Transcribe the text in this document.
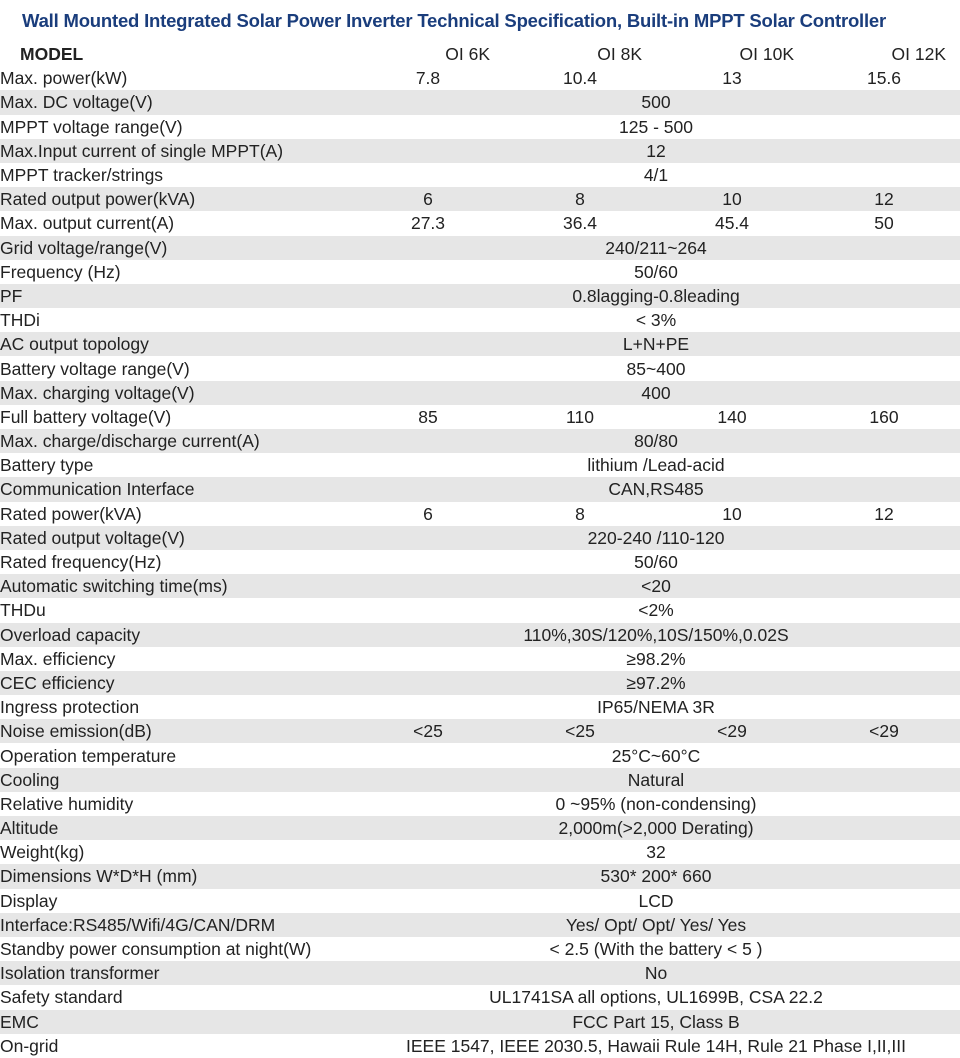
Wall Mounted Integrated Solar Power Inverter Technical Specification, Built-in MPPT Solar Controller
MODEL	OI 6K	OI 8K	OI 10K	OI 12K
Max. power(kW)	7.8	10.4	13	15.6
Max. DC voltage(V)	500			
MPPT voltage range(V)	125 - 500			
Max.Input current of single MPPT(A)	12			
MPPT tracker/strings	4/1			
Rated output power(kVA)	6	8	10	12
Max. output current(A)	27.3	36.4	45.4	50
Grid voltage/range(V)	240/211~264			
Frequency (Hz)	50/60			
PF	0.8lagging-0.8leading			
THDi	< 3%			
AC output topology	L+N+PE			
Battery voltage range(V)	85~400			
Max. charging voltage(V)	400			
Full battery voltage(V)	85	110	140	160
Max. charge/discharge current(A)	80/80			
Battery type	lithium /Lead-acid			
Communication Interface	CAN,RS485			
Rated power(kVA)	6	8	10	12
Rated output voltage(V)	220-240 /110-120			
Rated frequency(Hz)	50/60			
Automatic switching time(ms)	<20			
THDu	<2%			
Overload capacity	110%,30S/120%,10S/150%,0.02S			
Max. efficiency	≥98.2%			
CEC efficiency	≥97.2%			
Ingress protection	IP65/NEMA 3R			
Noise emission(dB)	<25	<25	<29	<29
Operation temperature	25°C~60°C			
Cooling	Natural			
Relative humidity	0 ~95% (non-condensing)			
Altitude	2,000m(>2,000 Derating)			
Weight(kg)	32			
Dimensions W*D*H (mm)	530* 200* 660			
Display	LCD			
Interface:RS485/Wifi/4G/CAN/DRM	Yes/ Opt/ Opt/ Yes/ Yes			
Standby power consumption at night(W)	< 2.5 (With the battery < 5 )			
Isolation transformer	No			
Safety standard	UL1741SA all options, UL1699B, CSA 22.2			
EMC	FCC Part 15, Class B			
On-grid	IEEE 1547, IEEE 2030.5, Hawaii Rule 14H, Rule 21 Phase I,II,III			
